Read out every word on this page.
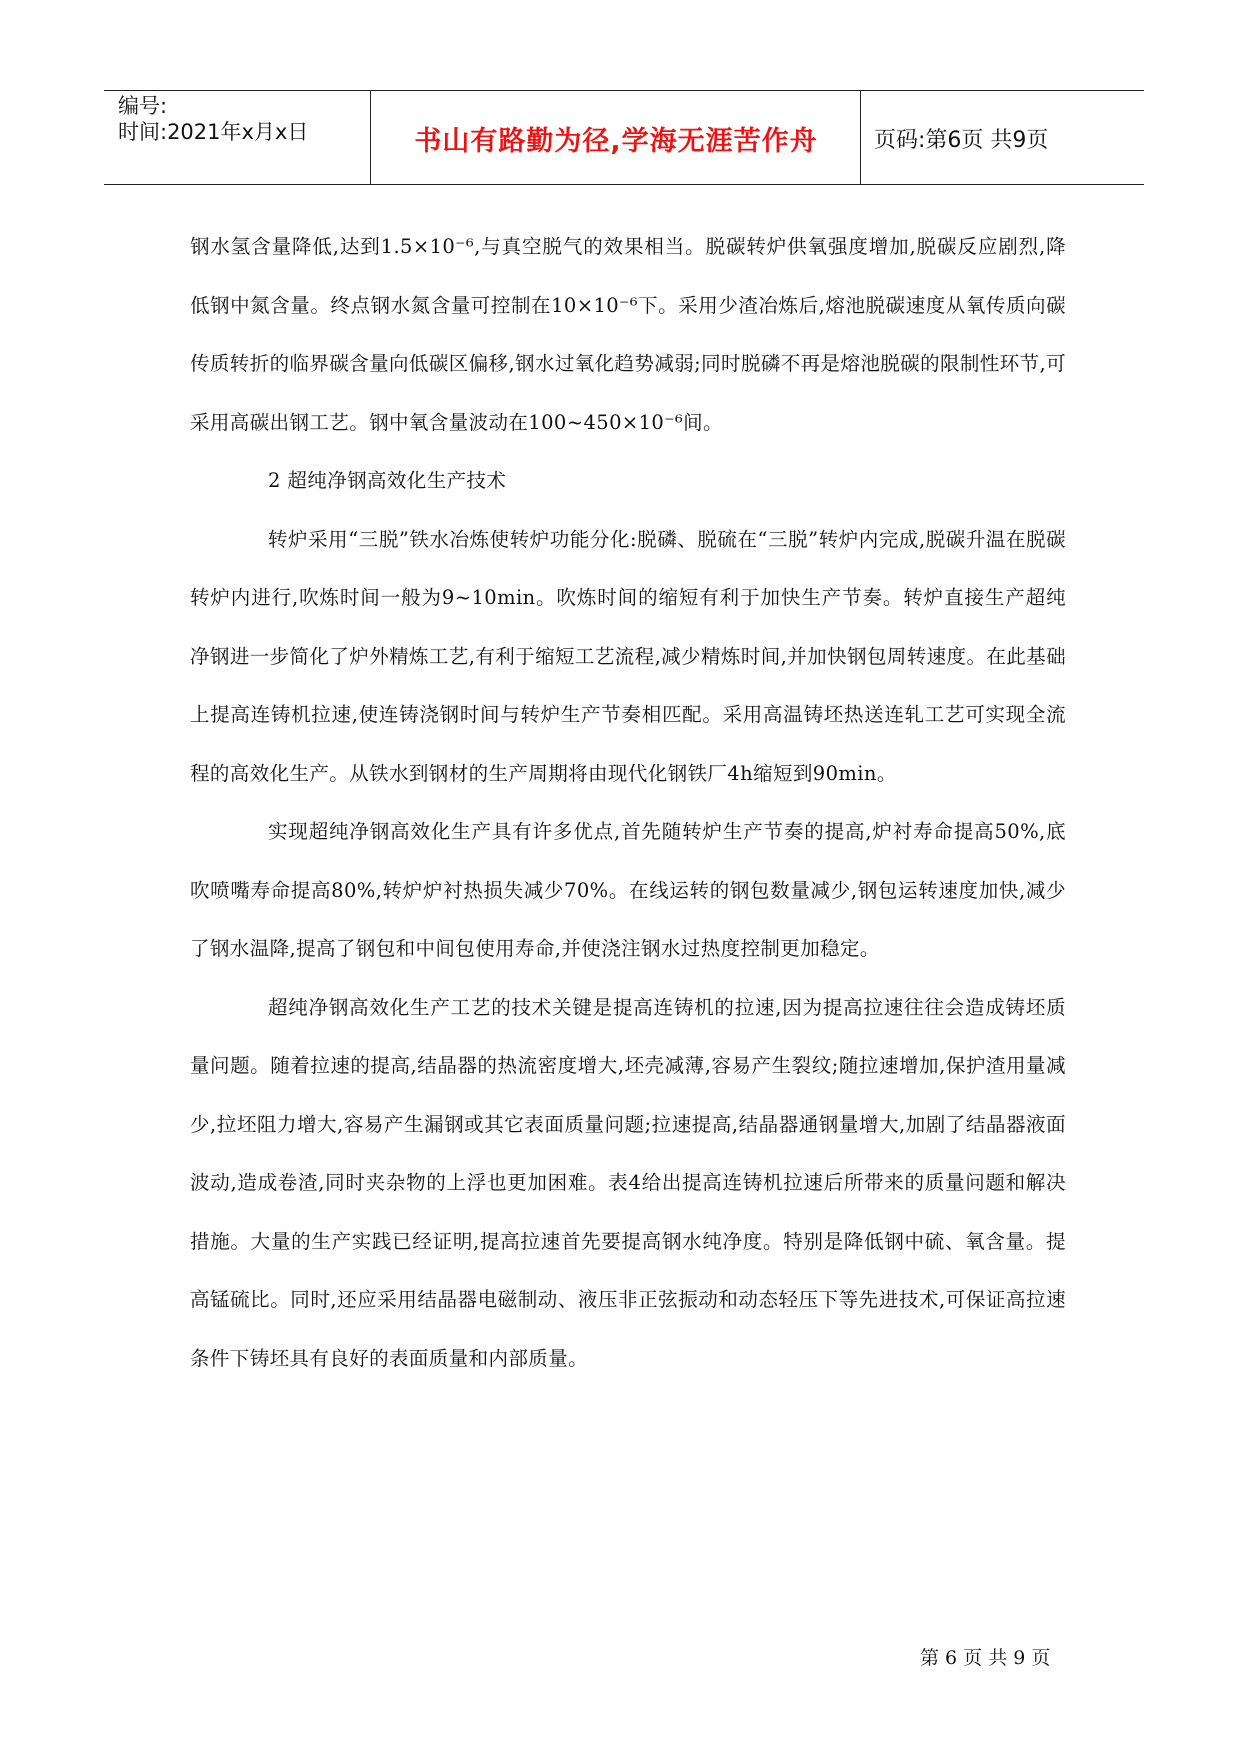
编号:
时间:2021年x月x日	书山有路勤为径,学海无涯苦作舟	页码:第6页 共9页

钢水氢含量降低,达到1.5×10⁻⁶,与真空脱气的效果相当。脱碳转炉供氧强度增加,脱碳反应剧烈,降低钢中氮含量。终点钢水氮含量可控制在10×10⁻⁶下。采用少渣冶炼后,熔池脱碳速度从氧传质向碳传质转折的临界碳含量向低碳区偏移,钢水过氧化趋势减弱;同时脱磷不再是熔池脱碳的限制性环节,可采用高碳出钢工艺。钢中氧含量波动在100~450×10⁻⁶间。

2 超纯净钢高效化生产技术

转炉采用“三脱”铁水冶炼使转炉功能分化:脱磷、脱硫在“三脱”转炉内完成,脱碳升温在脱碳转炉内进行,吹炼时间一般为9~10min。吹炼时间的缩短有利于加快生产节奏。转炉直接生产超纯净钢进一步简化了炉外精炼工艺,有利于缩短工艺流程,减少精炼时间,并加快钢包周转速度。在此基础上提高连铸机拉速,使连铸浇钢时间与转炉生产节奏相匹配。采用高温铸坯热送连轧工艺可实现全流程的高效化生产。从铁水到钢材的生产周期将由现代化钢铁厂4h缩短到90min。

实现超纯净钢高效化生产具有许多优点,首先随转炉生产节奏的提高,炉衬寿命提高50%,底吹喷嘴寿命提高80%,转炉炉衬热损失减少70%。在线运转的钢包数量减少,钢包运转速度加快,减少了钢水温降,提高了钢包和中间包使用寿命,并使浇注钢水过热度控制更加稳定。

超纯净钢高效化生产工艺的技术关键是提高连铸机的拉速,因为提高拉速往往会造成铸坯质量问题。随着拉速的提高,结晶器的热流密度增大,坯壳减薄,容易产生裂纹;随拉速增加,保护渣用量减少,拉坯阻力增大,容易产生漏钢或其它表面质量问题;拉速提高,结晶器通钢量增大,加剧了结晶器液面波动,造成卷渣,同时夹杂物的上浮也更加困难。表4给出提高连铸机拉速后所带来的质量问题和解决措施。大量的生产实践已经证明,提高拉速首先要提高钢水纯净度。特别是降低钢中硫、氧含量。提高锰硫比。同时,还应采用结晶器电磁制动、液压非正弦振动和动态轻压下等先进技术,可保证高拉速条件下铸坯具有良好的表面质量和内部质量。

第 6 页 共 9 页
